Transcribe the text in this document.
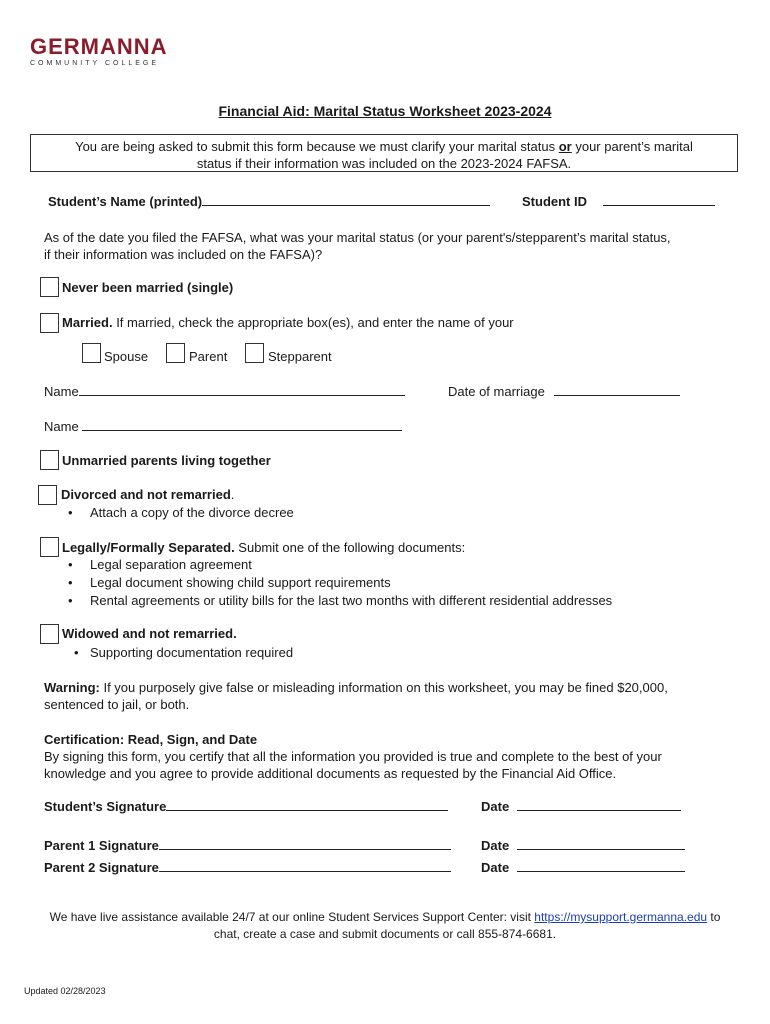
GERMANNA
COMMUNITY COLLEGE
Financial Aid: Marital Status Worksheet 2023-2024
You are being asked to submit this form because we must clarify your marital status or your parent’s marital
status if their information was included on the 2023-2024 FAFSA.
Student’s Name (printed)	Student ID
As of the date you filed the FAFSA, what was your marital status (or your parent's/stepparent’s marital status,
if their information was included on the FAFSA)?
Never been married (single)
Married. If married, check the appropriate box(es), and enter the name of your
Spouse	Parent	Stepparent
Name	Date of marriage
Name
Unmarried parents living together
Divorced and not remarried.
• Attach a copy of the divorce decree
Legally/Formally Separated. Submit one of the following documents:
• Legal separation agreement
• Legal document showing child support requirements
• Rental agreements or utility bills for the last two months with different residential addresses
Widowed and not remarried.
• Supporting documentation required
Warning: If you purposely give false or misleading information on this worksheet, you may be fined $20,000,
sentenced to jail, or both.
Certification: Read, Sign, and Date
By signing this form, you certify that all the information you provided is true and complete to the best of your
knowledge and you agree to provide additional documents as requested by the Financial Aid Office.
Student’s Signature	Date
Parent 1 Signature	Date
Parent 2 Signature	Date
We have live assistance available 24/7 at our online Student Services Support Center: visit https://mysupport.germanna.edu to
chat, create a case and submit documents or call 855-874-6681.
Updated 02/28/2023
